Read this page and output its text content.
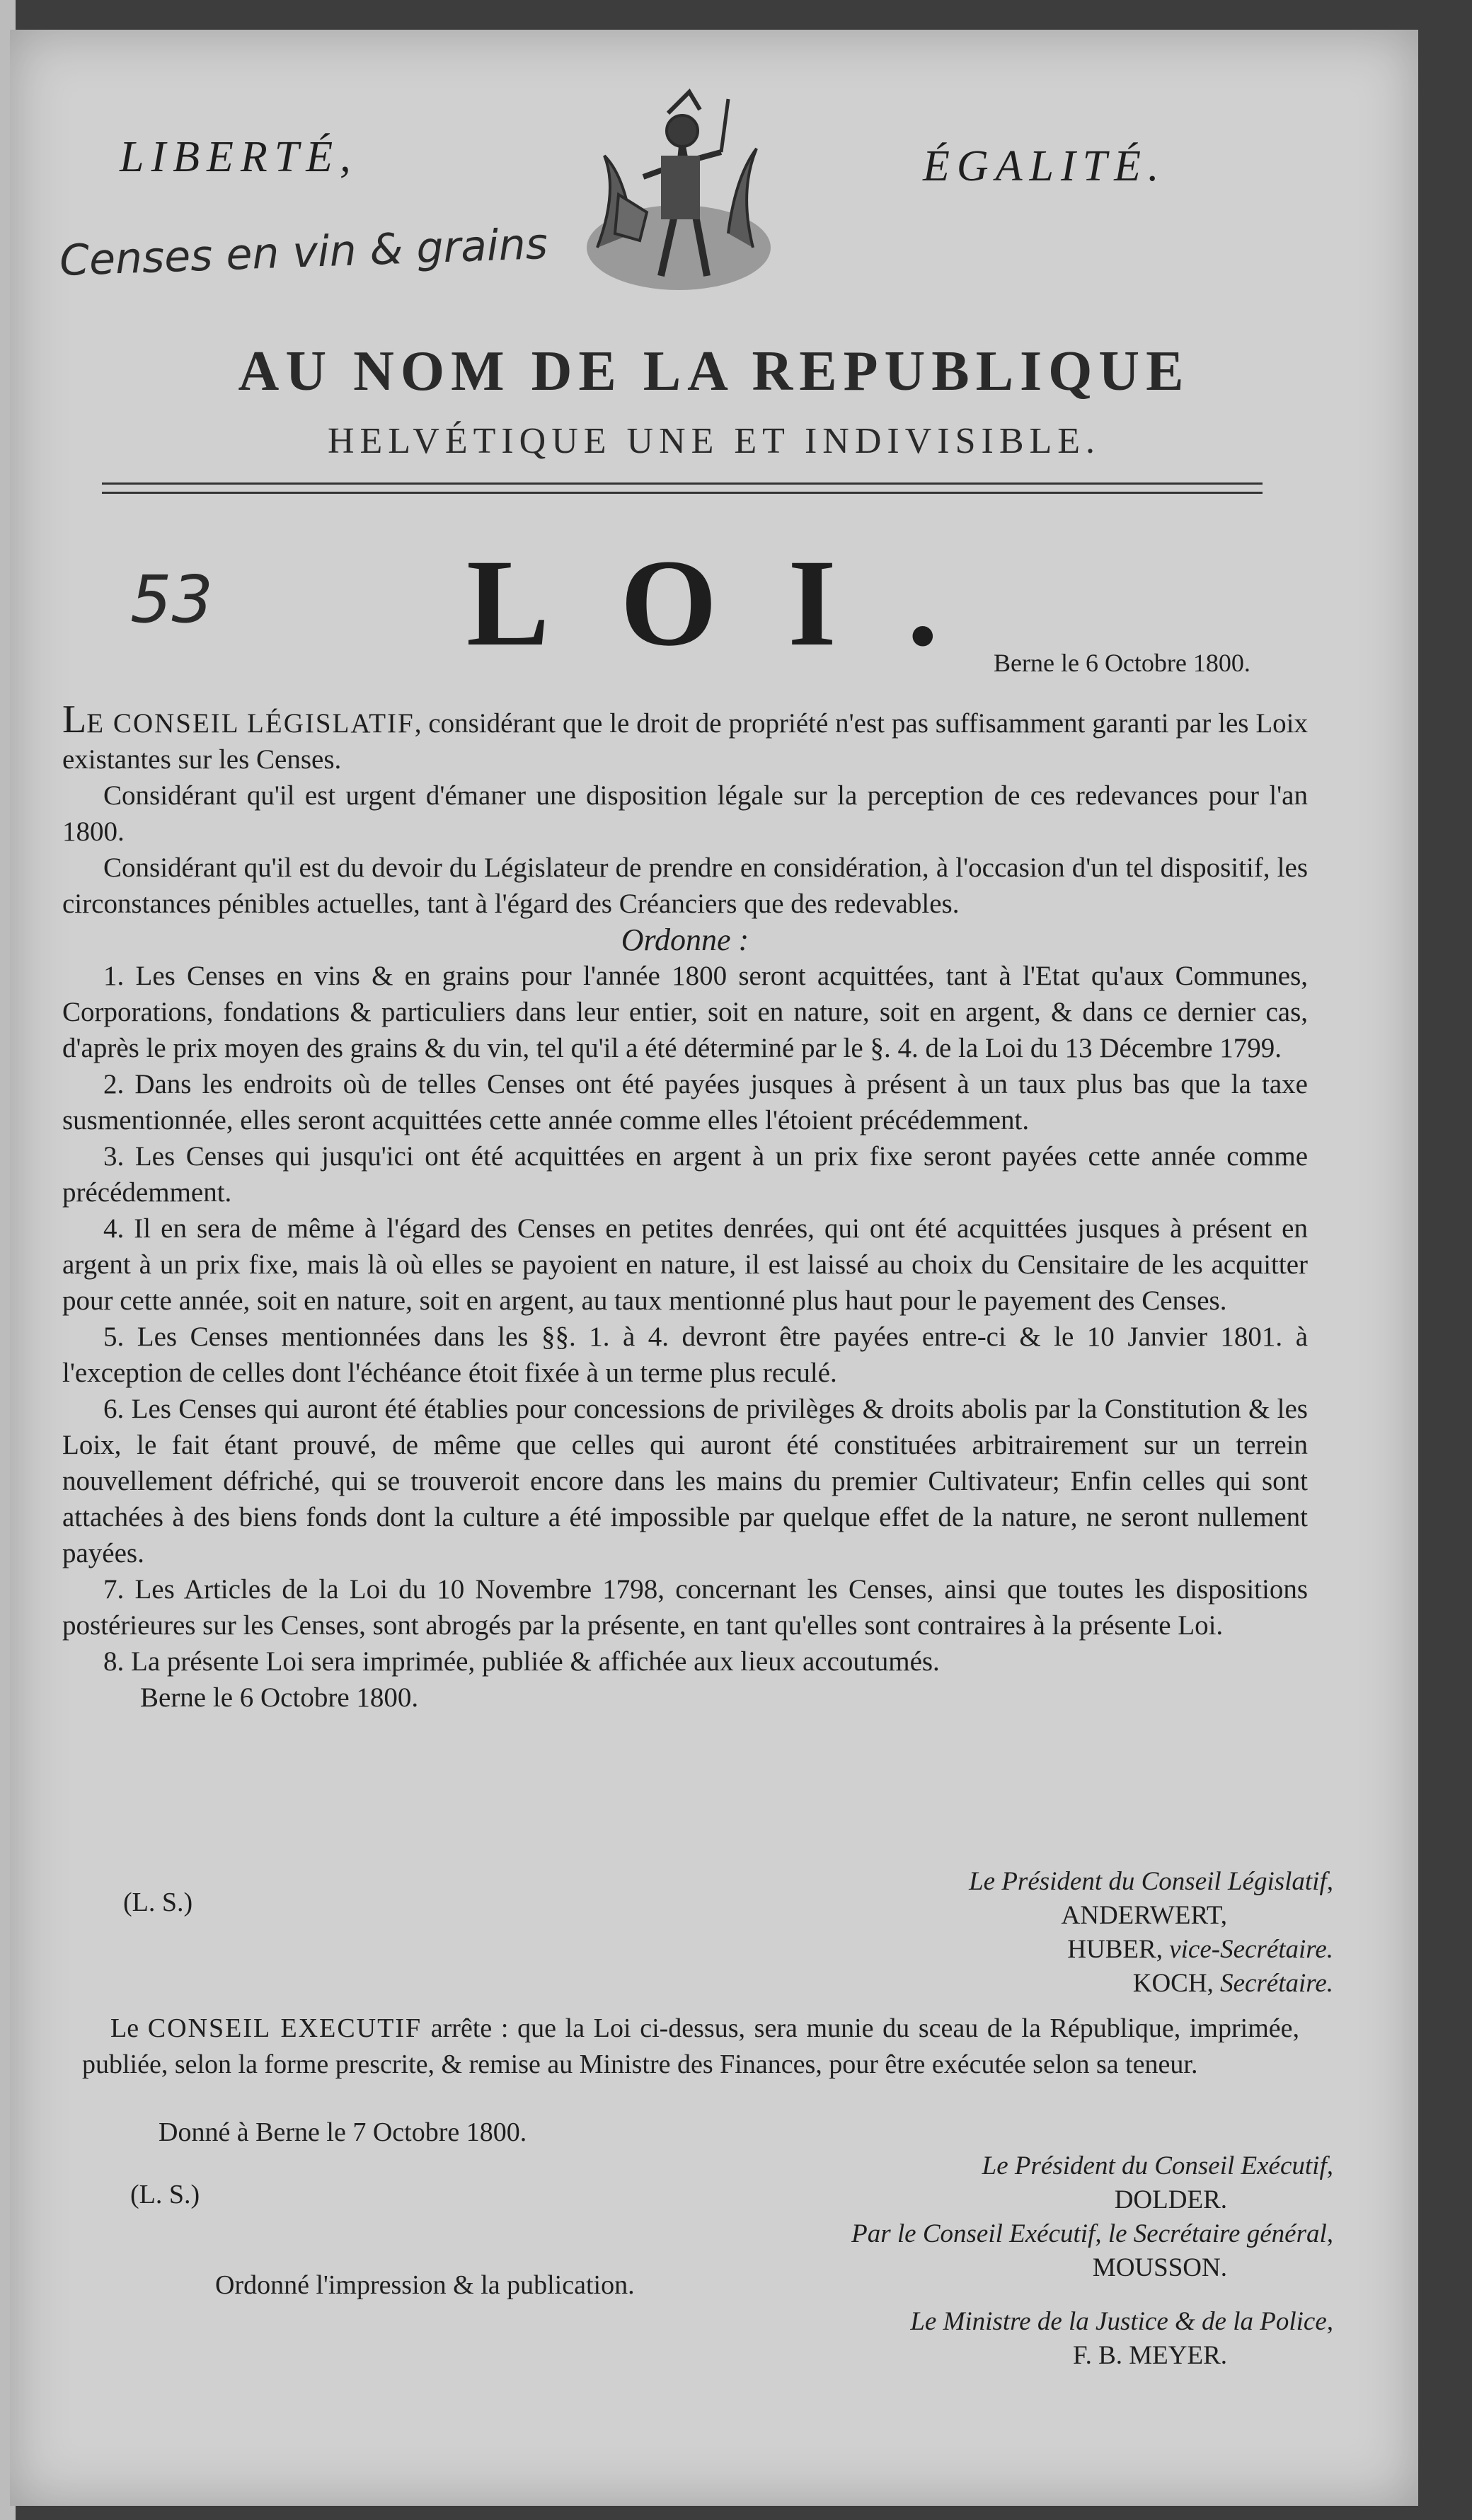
LIBERTÉ,	ÉGALITÉ.
Censes en vin & grains
AU NOM DE LA REPUBLIQUE
HELVÉTIQUE UNE ET INDIVISIBLE.
53 LOI.
Berne le 6 Octobre 1800.

LE CONSEIL LÉGISLATIF, considérant que le droit de propriété n'est pas suffisamment garanti par les Loix existantes sur les Censes.

Considérant qu'il est urgent d'émaner une disposition légale sur la perception de ces redevances pour l'an 1800.

Considérant qu'il est du devoir du Législateur de prendre en considération, à l'occasion d'un tel dispositif, les circonstances pénibles actuelles, tant à l'égard des Créanciers que des redevables.

Ordonne :

1. Les Censes en vins & en grains pour l'année 1800 seront acquittées, tant à l'Etat qu'aux Communes, Corporations, fondations & particuliers dans leur entier, soit en nature, soit en argent, & dans ce dernier cas, d'après le prix moyen des grains & du vin, tel qu'il a été déterminé par le §. 4. de la Loi du 13 Décembre 1799.

2. Dans les endroits où de telles Censes ont été payées jusques à présent à un taux plus bas que la taxe susmentionnée, elles seront acquittées cette année comme elles l'étoient précédemment.

3. Les Censes qui jusqu'ici ont été acquittées en argent à un prix fixe seront payées cette année comme précédemment.

4. Il en sera de même à l'égard des Censes en petites denrées, qui ont été acquittées jusques à présent en argent à un prix fixe, mais là où elles se payoient en nature, il est laissé au choix du Censitaire de les acquitter pour cette année, soit en nature, soit en argent, au taux mentionné plus haut pour le payement des Censes.

5. Les Censes mentionnées dans les §§. 1. à 4. devront être payées entre-ci & le 10 Janvier 1801. à l'exception de celles dont l'échéance étoit fixée à un terme plus reculé.

6. Les Censes qui auront été établies pour concessions de privilèges & droits abolis par la Constitution & les Loix, le fait étant prouvé, de même que celles qui auront été constituées arbitrairement sur un terrein nouvellement défriché, qui se trouveroit encore dans les mains du premier Cultivateur; Enfin celles qui sont attachées à des biens fonds dont la culture a été impossible par quelque effet de la nature, ne seront nullement payées.

7. Les Articles de la Loi du 10 Novembre 1798, concernant les Censes, ainsi que toutes les dispositions postérieures sur les Censes, sont abrogés par la présente, en tant qu'elles sont contraires à la présente Loi.

8. La présente Loi sera imprimée, publiée & affichée aux lieux accoutumés.

Berne le 6 Octobre 1800.

(L. S.)
Le Président du Conseil Législatif,
ANDERWERT,
HUBER, vice-Secrétaire.
KOCH, Secrétaire.
Le CONSEIL EXECUTIF arrête : que la Loi ci-dessus, sera munie du sceau de la République, imprimée, publiée, selon la forme prescrite, & remise au Ministre des Finances, pour être exécutée selon sa teneur.
Donné à Berne le 7 Octobre 1800.
(L. S.)
Le Président du Conseil Exécutif,
DOLDER.
Par le Conseil Exécutif, le Secrétaire général,
MOUSSON.
Ordonné l'impression & la publication.
Le Ministre de la Justice & de la Police,
F. B. MEYER.
